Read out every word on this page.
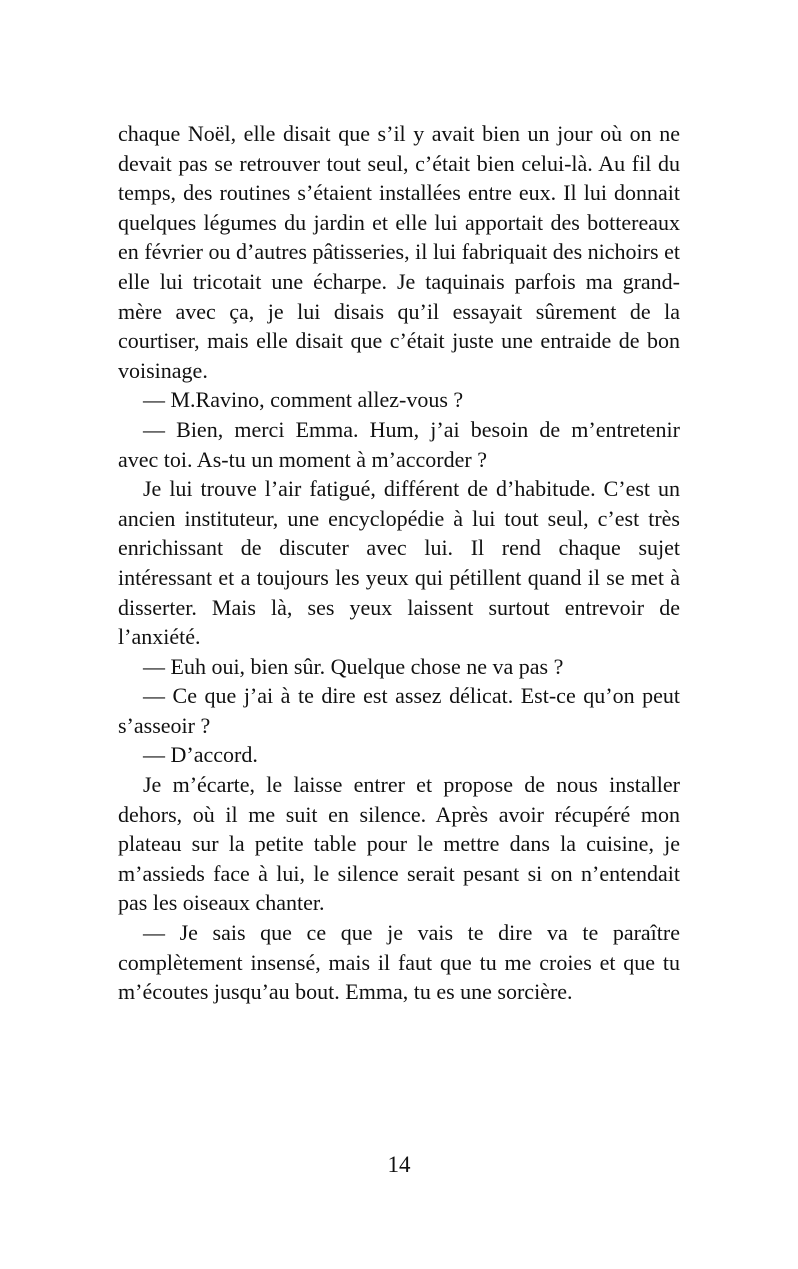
chaque Noël, elle disait que s’il y avait bien un jour où on ne devait pas se retrouver tout seul, c’était bien celui-là. Au fil du temps, des routines s’étaient installées entre eux. Il lui donnait quelques légumes du jardin et elle lui apportait des bottereaux en février ou d’autres pâtisseries, il lui fabriquait des nichoirs et elle lui tricotait une écharpe. Je taquinais parfois ma grand-mère avec ça, je lui disais qu’il essayait sûrement de la courtiser, mais elle disait que c’était juste une entraide de bon voisinage.

— M.Ravino, comment allez-vous ?

— Bien, merci Emma. Hum, j’ai besoin de m’entretenir avec toi. As-tu un moment à m’accorder ?

Je lui trouve l’air fatigué, différent de d’habitude. C’est un ancien instituteur, une encyclopédie à lui tout seul, c’est très enrichissant de discuter avec lui. Il rend chaque sujet intéressant et a toujours les yeux qui pétillent quand il se met à disserter. Mais là, ses yeux laissent surtout entrevoir de l’anxiété.

— Euh oui, bien sûr. Quelque chose ne va pas ?

— Ce que j’ai à te dire est assez délicat. Est-ce qu’on peut s’asseoir ?

— D’accord.

Je m’écarte, le laisse entrer et propose de nous installer dehors, où il me suit en silence. Après avoir récupéré mon plateau sur la petite table pour le mettre dans la cuisine, je m’assieds face à lui, le silence serait pesant si on n’entendait pas les oiseaux chanter.

— Je sais que ce que je vais te dire va te paraître complètement insensé, mais il faut que tu me croies et que tu m’écoutes jusqu’au bout. Emma, tu es une sorcière.

14
